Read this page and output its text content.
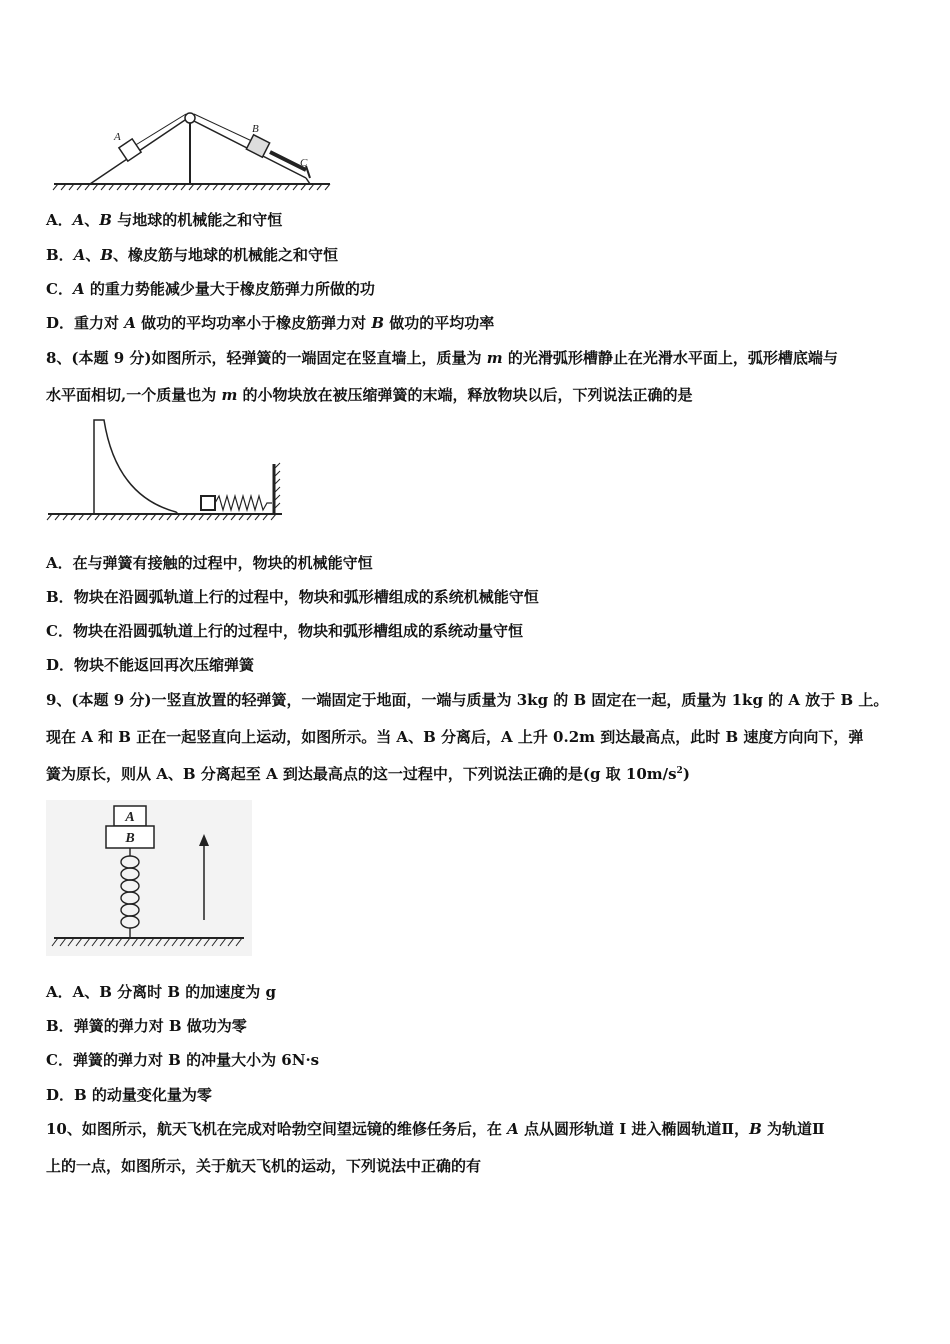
A
B
C
A．A、B 与地球的机械能之和守恒
B．A、B、橡皮筋与地球的机械能之和守恒
C．A 的重力势能减少量大于橡皮筋弹力所做的功
D．重力对 A 做功的平均功率小于橡皮筋弹力对 B 做功的平均功率
8、(本题 9 分)如图所示，轻弹簧的一端固定在竖直墙上，质量为 m 的光滑弧形槽静止在光滑水平面上，弧形槽底端与
水平面相切,一个质量也为 m 的小物块放在被压缩弹簧的末端，释放物块以后，下列说法正确的是
A．在与弹簧有接触的过程中，物块的机械能守恒
B．物块在沿圆弧轨道上行的过程中，物块和弧形槽组成的系统机械能守恒
C．物块在沿圆弧轨道上行的过程中，物块和弧形槽组成的系统动量守恒
D．物块不能返回再次压缩弹簧
9、(本题 9 分)一竖直放置的轻弹簧，一端固定于地面，一端与质量为 3kg 的 B 固定在一起，质量为 1kg 的 A 放于 B 上。
现在 A 和 B 正在一起竖直向上运动，如图所示。当 A、B 分离后，A 上升 0.2m 到达最高点，此时 B 速度方向向下，弹
簧为原长，则从 A、B 分离起至 A 到达最高点的这一过程中，下列说法正确的是(g 取 $10m/s^2$)
A
B
A．A、B 分离时 B 的加速度为 g
B．弹簧的弹力对 B 做功为零
C．弹簧的弹力对 B 的冲量大小为 6N·s
D．B 的动量变化量为零
10、如图所示，航天飞机在完成对哈勃空间望远镜的维修任务后，在 A 点从圆形轨道 I 进入椭圆轨道Ⅱ，B 为轨道Ⅱ
上的一点，如图所示，关于航天飞机的运动，下列说法中正确的有
